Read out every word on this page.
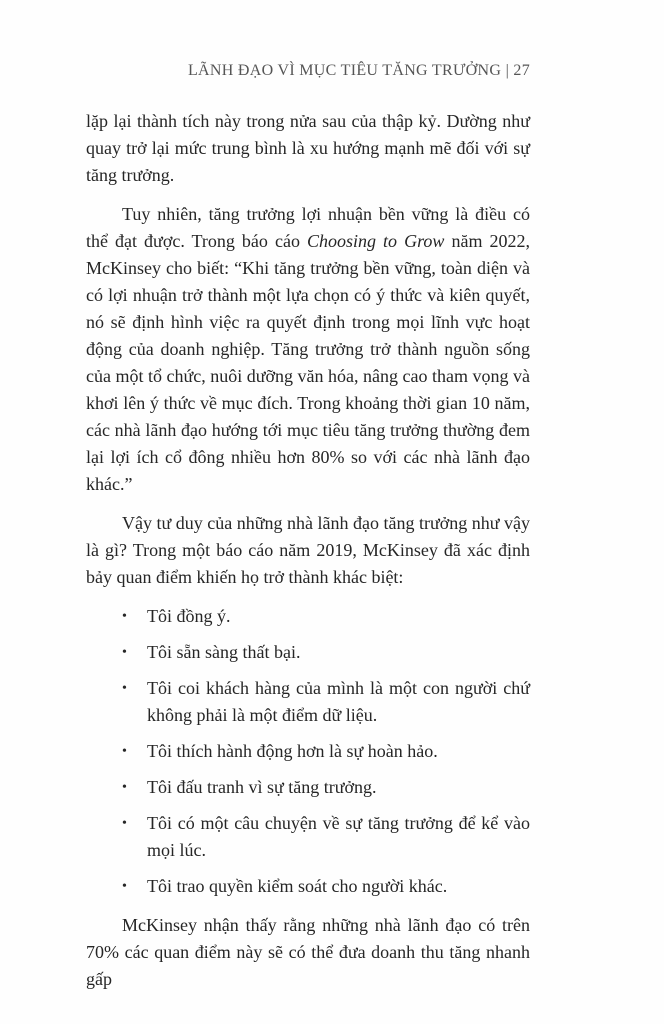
LÃNH ĐẠO VÌ MỤC TIÊU TĂNG TRƯỞNG | 27

lặp lại thành tích này trong nửa sau của thập kỷ. Dường như quay trở lại mức trung bình là xu hướng mạnh mẽ đối với sự tăng trưởng.

Tuy nhiên, tăng trưởng lợi nhuận bền vững là điều có thể đạt được. Trong báo cáo Choosing to Grow năm 2022, McKinsey cho biết: “Khi tăng trưởng bền vững, toàn diện và có lợi nhuận trở thành một lựa chọn có ý thức và kiên quyết, nó sẽ định hình việc ra quyết định trong mọi lĩnh vực hoạt động của doanh nghiệp. Tăng trưởng trở thành nguồn sống của một tổ chức, nuôi dưỡng văn hóa, nâng cao tham vọng và khơi lên ý thức về mục đích. Trong khoảng thời gian 10 năm, các nhà lãnh đạo hướng tới mục tiêu tăng trưởng thường đem lại lợi ích cổ đông nhiều hơn 80% so với các nhà lãnh đạo khác.”

Vậy tư duy của những nhà lãnh đạo tăng trưởng như vậy là gì? Trong một báo cáo năm 2019, McKinsey đã xác định bảy quan điểm khiến họ trở thành khác biệt:

• Tôi đồng ý.
• Tôi sẵn sàng thất bại.
• Tôi coi khách hàng của mình là một con người chứ không phải là một điểm dữ liệu.
• Tôi thích hành động hơn là sự hoàn hảo.
• Tôi đấu tranh vì sự tăng trưởng.
• Tôi có một câu chuyện về sự tăng trưởng để kể vào mọi lúc.
• Tôi trao quyền kiểm soát cho người khác.

McKinsey nhận thấy rằng những nhà lãnh đạo có trên 70% các quan điểm này sẽ có thể đưa doanh thu tăng nhanh gấp
